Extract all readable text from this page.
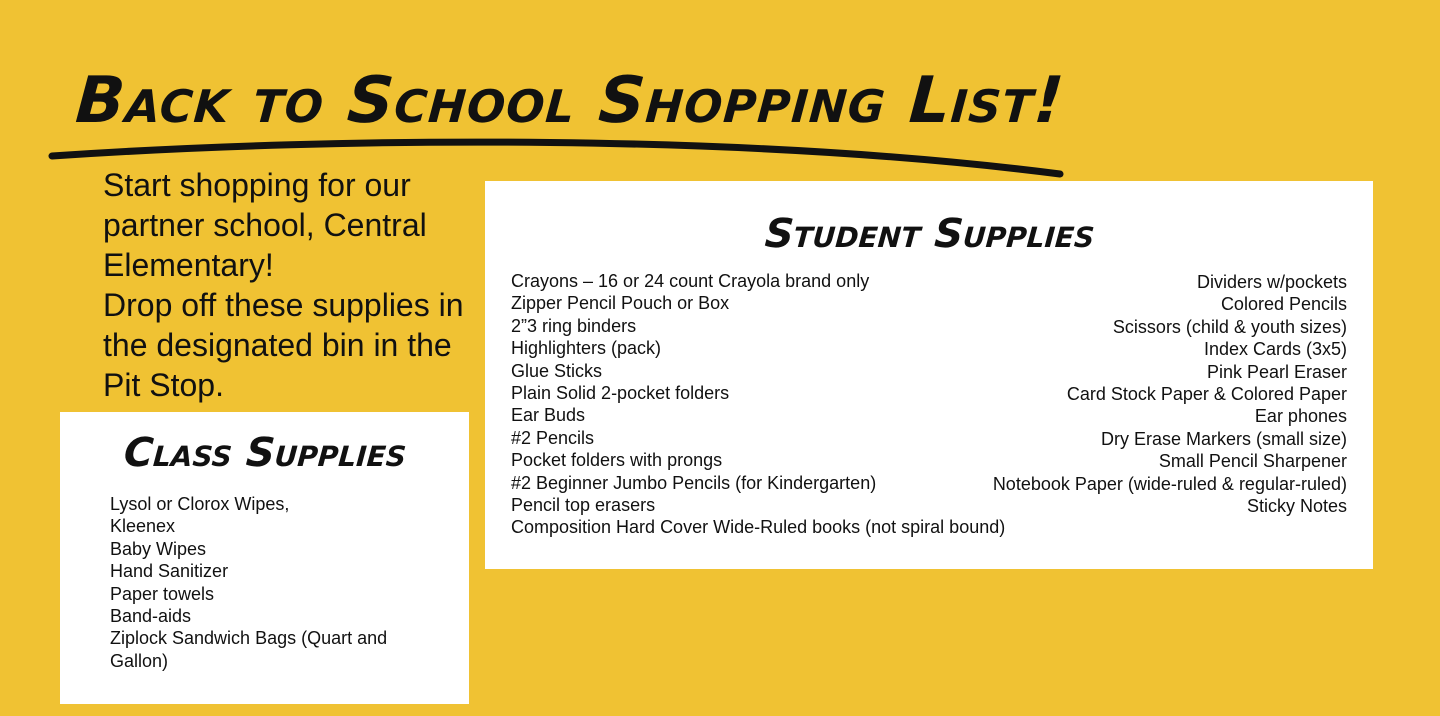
Back to School Shopping List!

Start shopping for our partner school, Central Elementary!

Drop off these supplies in the designated bin in the Pit Stop.

Class Supplies
Lysol or Clorox Wipes,
Kleenex
Baby Wipes
Hand Sanitizer
Paper towels
Band-aids
Ziplock Sandwich Bags (Quart and Gallon)
Student Supplies
Crayons – 16 or 24 count Crayola brand only
Zipper Pencil Pouch or Box
2”3 ring binders
Highlighters (pack)
Glue Sticks
Plain Solid 2-pocket folders
Ear Buds
#2 Pencils
Pocket folders with prongs
#2 Beginner Jumbo Pencils (for Kindergarten)
Pencil top erasers
Composition Hard Cover Wide-Ruled books (not spiral bound)
Dividers w/pockets
Colored Pencils
Scissors (child & youth sizes)
Index Cards (3x5)
Pink Pearl Eraser
Card Stock Paper & Colored Paper
Ear phones
Dry Erase Markers (small size)
Small Pencil Sharpener
Notebook Paper (wide-ruled & regular-ruled)
Sticky Notes
